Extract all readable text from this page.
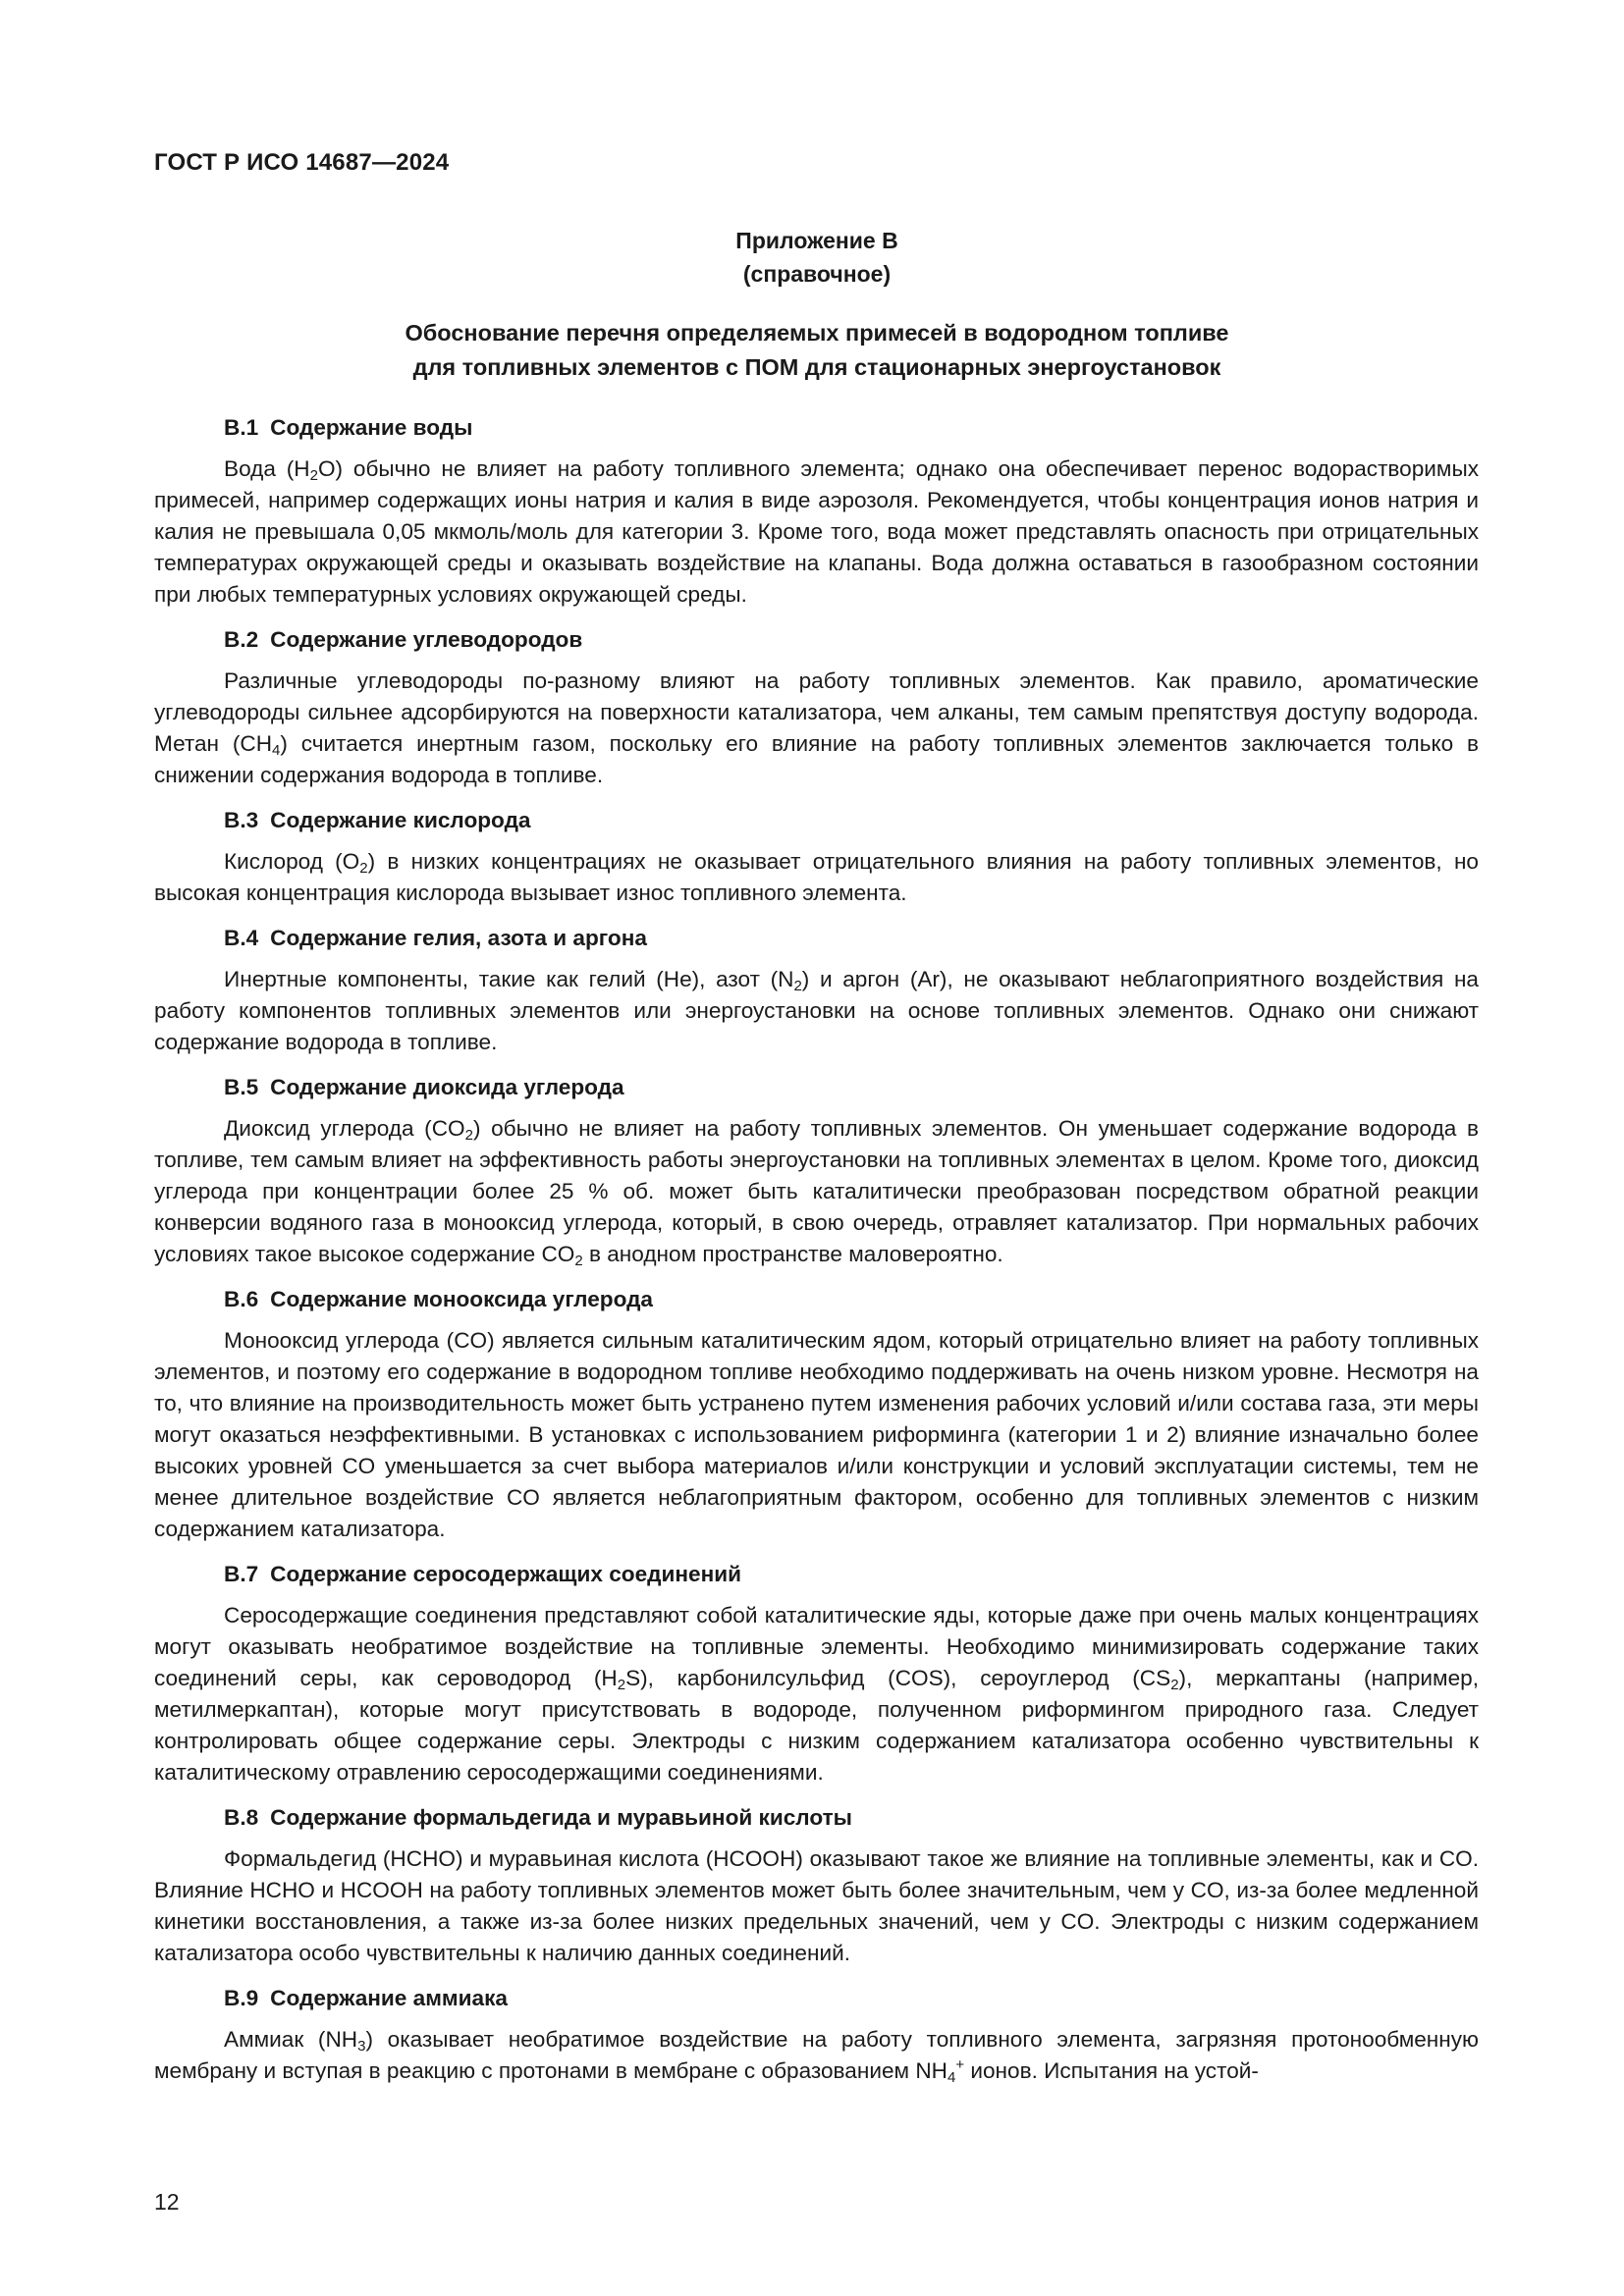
ГОСТ Р ИСО 14687—2024
Приложение В
(справочное)
Обоснование перечня определяемых примесей в водородном топливе
для топливных элементов с ПОМ для стационарных энергоустановок
В.1 Содержание воды

Вода $(H_2O)$ обычно не влияет на работу топливного элемента; однако она обеспечивает перенос водорастворимых примесей, например содержащих ионы натрия и калия в виде аэрозоля. Рекомендуется, чтобы концентрация ионов натрия и калия не превышала 0,05 мкмоль/моль для категории 3. Кроме того, вода может представлять опасность при отрицательных температурах окружающей среды и оказывать воздействие на клапаны. Вода должна оставаться в газообразном состоянии при любых температурных условиях окружающей среды.

В.2 Содержание углеводородов

Различные углеводороды по-разному влияют на работу топливных элементов. Как правило, ароматические углеводороды сильнее адсорбируются на поверхности катализатора, чем алканы, тем самым препятствуя доступу водорода. Метан $(CH_4)$ считается инертным газом, поскольку его влияние на работу топливных элементов заключается только в снижении содержания водорода в топливе.

В.3 Содержание кислорода

Кислород $(O_2)$ в низких концентрациях не оказывает отрицательного влияния на работу топливных элементов, но высокая концентрация кислорода вызывает износ топливного элемента.

В.4 Содержание гелия, азота и аргона

Инертные компоненты, такие как гелий (He), азот $(N_2)$ и аргон (Ar), не оказывают неблагоприятного воздействия на работу компонентов топливных элементов или энергоустановки на основе топливных элементов. Однако они снижают содержание водорода в топливе.

В.5 Содержание диоксида углерода

Диоксид углерода $(CO_2)$ обычно не влияет на работу топливных элементов. Он уменьшает содержание водорода в топливе, тем самым влияет на эффективность работы энергоустановки на топливных элементах в целом. Кроме того, диоксид углерода при концентрации более 25 % об. может быть каталитически преобразован посредством обратной реакции конверсии водяного газа в монооксид углерода, который, в свою очередь, отравляет катализатор. При нормальных рабочих условиях такое высокое содержание $CO_2$ в анодном пространстве маловероятно.

В.6 Содержание монооксида углерода

Монооксид углерода (CO) является сильным каталитическим ядом, который отрицательно влияет на работу топливных элементов, и поэтому его содержание в водородном топливе необходимо поддерживать на очень низком уровне. Несмотря на то, что влияние на производительность может быть устранено путем изменения рабочих условий и/или состава газа, эти меры могут оказаться неэффективными. В установках с использованием риформинга (категории 1 и 2) влияние изначально более высоких уровней CO уменьшается за счет выбора материалов и/или конструкции и условий эксплуатации системы, тем не менее длительное воздействие CO является неблагоприятным фактором, особенно для топливных элементов с низким содержанием катализатора.

В.7 Содержание серосодержащих соединений

Серосодержащие соединения представляют собой каталитические яды, которые даже при очень малых концентрациях могут оказывать необратимое воздействие на топливные элементы. Необходимо минимизировать содержание таких соединений серы, как сероводород $(H_2S)$, карбонилсульфид (COS), сероуглерод $(CS_2)$, меркаптаны (например, метилмеркаптан), которые могут присутствовать в водороде, полученном риформингом природного газа. Следует контролировать общее содержание серы. Электроды с низким содержанием катализатора особенно чувствительны к каталитическому отравлению серосодержащими соединениями.

В.8 Содержание формальдегида и муравьиной кислоты

Формальдегид (HCHO) и муравьиная кислота (HCOOH) оказывают такое же влияние на топливные элементы, как и CO. Влияние HCHO и HCOOH на работу топливных элементов может быть более значительным, чем у CO, из-за более медленной кинетики восстановления, а также из-за более низких предельных значений, чем у CO. Электроды с низким содержанием катализатора особо чувствительны к наличию данных соединений.

В.9 Содержание аммиака

Аммиак $(NH_3)$ оказывает необратимое воздействие на работу топливного элемента, загрязняя протонообменную мембрану и вступая в реакцию с протонами в мембране с образованием $NH_4^+$ ионов. Испытания на устой-

12
